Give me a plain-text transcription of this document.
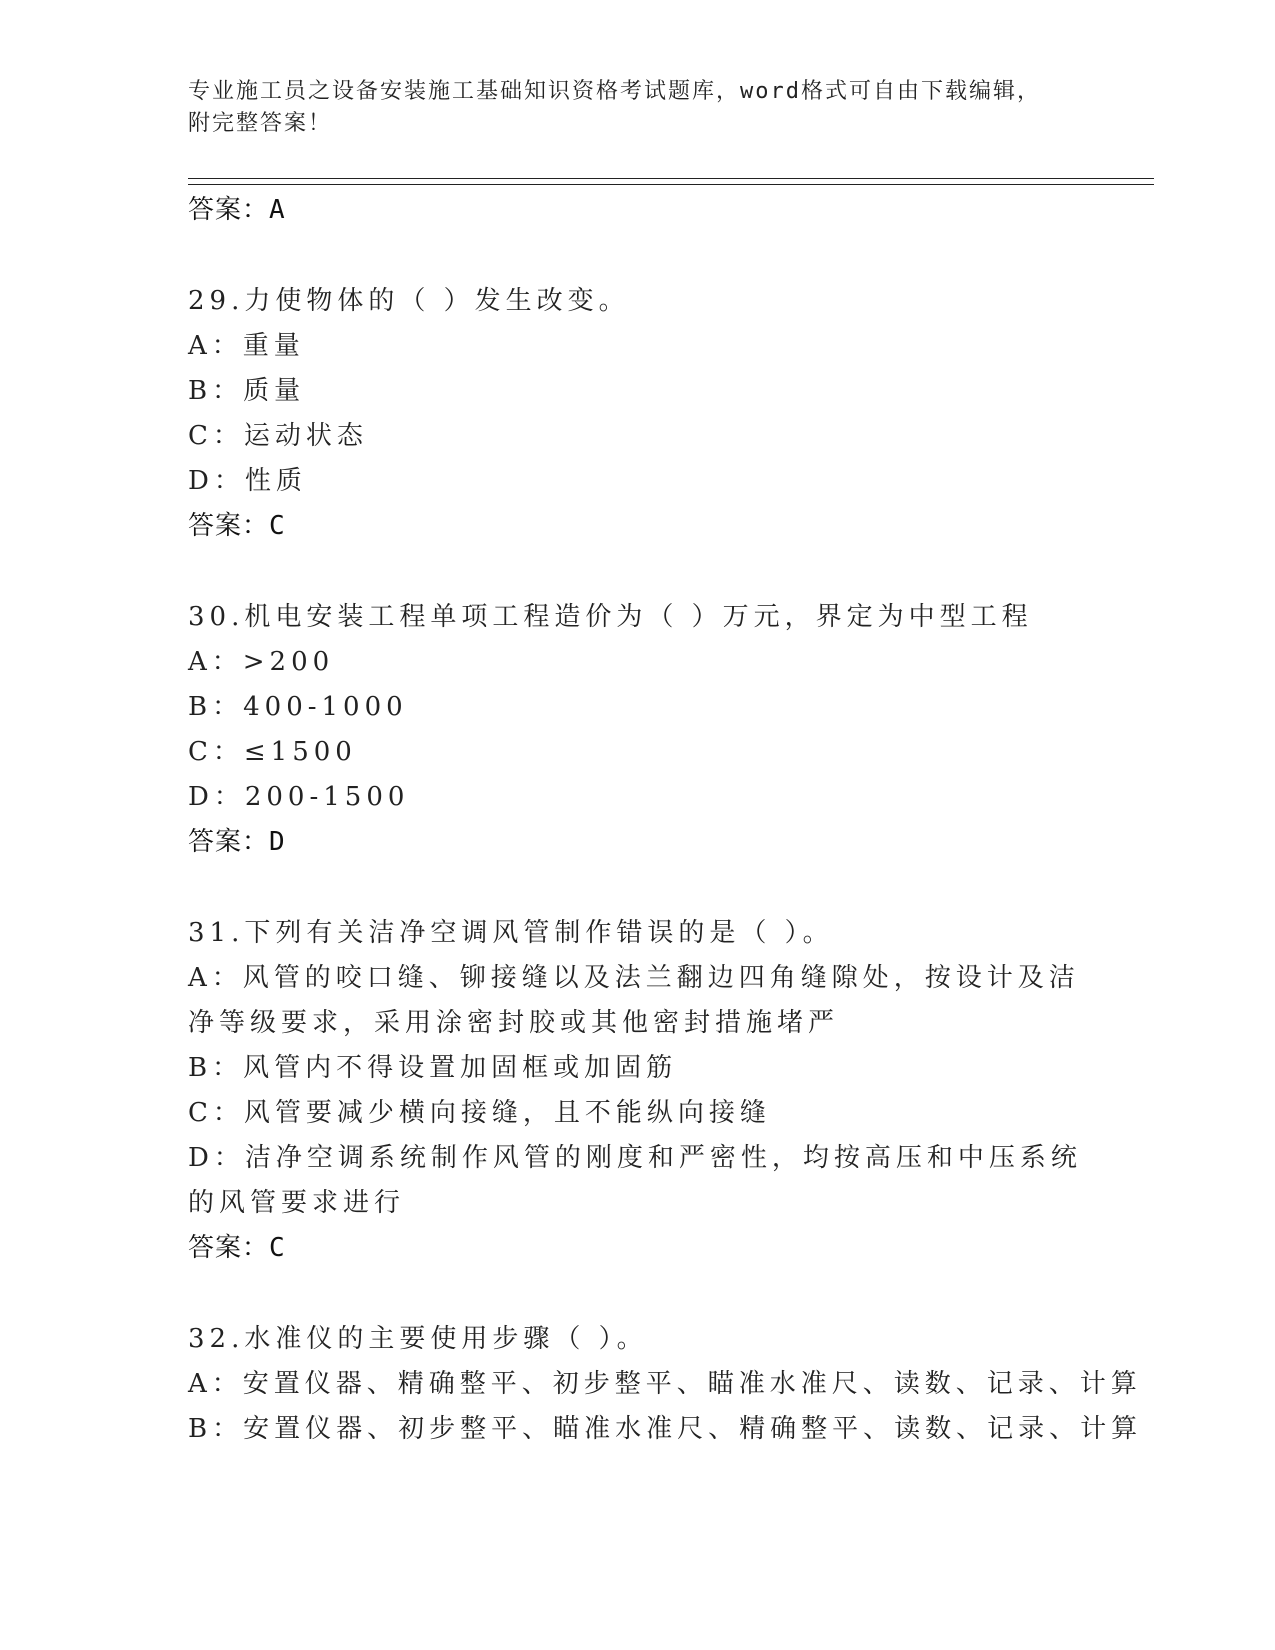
专业施工员之设备安装施工基础知识资格考试题库，word格式可自由下载编辑，
附完整答案！
答案：A
29.力使物体的（ ）发生改变。
A：重量
B：质量
C：运动状态
D：性质
答案：C
30.机电安装工程单项工程造价为（ ）万元，界定为中型工程
A：>200
B：400-1000
C：≤1500
D：200-1500
答案：D
31.下列有关洁净空调风管制作错误的是（ ）。
A：风管的咬口缝、铆接缝以及法兰翻边四角缝隙处，按设计及洁净等级要求，采用涂密封胶或其他密封措施堵严
B：风管内不得设置加固框或加固筋
C：风管要减少横向接缝，且不能纵向接缝
D：洁净空调系统制作风管的刚度和严密性，均按高压和中压系统的风管要求进行
答案：C
32.水准仪的主要使用步骤（ ）。
A：安置仪器、精确整平、初步整平、瞄准水准尺、读数、记录、计算
B：安置仪器、初步整平、瞄准水准尺、精确整平、读数、记录、计算
